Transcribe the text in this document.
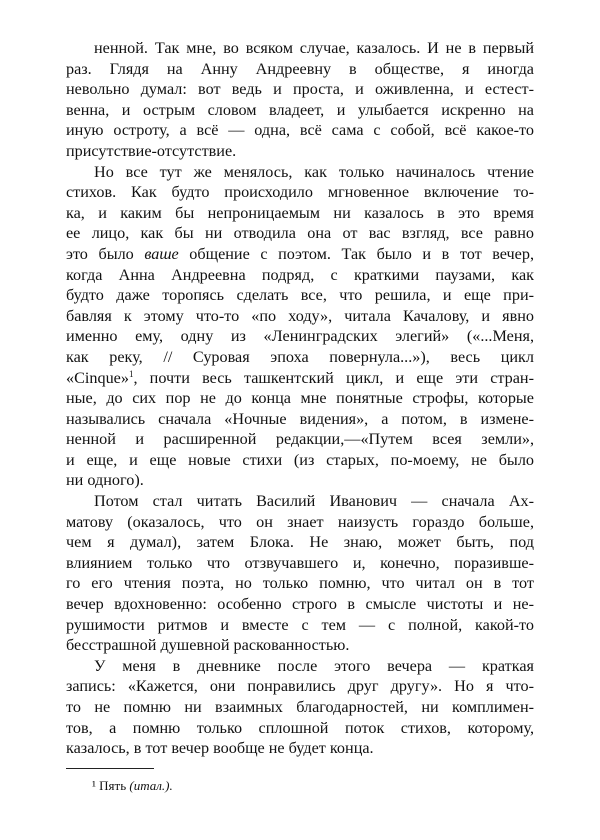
ненной. Так мне, во всяком случае, казалось. И не в первый
раз. Глядя на Анну Андреевну в обществе, я иногда
невольно думал: вот ведь и проста, и оживленна, и естест-
венна, и острым словом владеет, и улыбается искренно на
иную остроту, а всё — одна, всё сама с собой, всё какое-то
присутствие-отсутствие.
Но все тут же менялось, как только начиналось чтение
стихов. Как будто происходило мгновенное включение то-
ка, и каким бы непроницаемым ни казалось в это время
ее лицо, как бы ни отводила она от вас взгляд, все равно
это было ваше общение с поэтом. Так было и в тот вечер,
когда Анна Андреевна подряд, с краткими паузами, как
будто даже торопясь сделать все, что решила, и еще при-
бавляя к этому что-то «по ходу», читала Качалову, и явно
именно ему, одну из «Ленинградских элегий» («...Меня,
как реку, // Суровая эпоха повернула...»), весь цикл
«Cinque»$^1$, почти весь ташкентский цикл, и еще эти стран-
ные, до сих пор не до конца мне понятные строфы, которые
назывались сначала «Ночные видения», а потом, в измене-
ненной и расширенной редакции,—«Путем всея земли»,
и еще, и еще новые стихи (из старых, по-моему, не было
ни одного).
Потом стал читать Василий Иванович — сначала Ах-
матову (оказалось, что он знает наизусть гораздо больше,
чем я думал), затем Блока. Не знаю, может быть, под
влиянием только что отзвучавшего и, конечно, поразивше-
го его чтения поэта, но только помню, что читал он в тот
вечер вдохновенно: особенно строго в смысле чистоты и не-
рушимости ритмов и вместе с тем — с полной, какой-то
бесстрашной душевной раскованностью.
У меня в дневнике после этого вечера — краткая
запись: «Кажется, они понравились друг другу». Но я что-
то не помню ни взаимных благодарностей, ни комплимен-
тов, а помню только сплошной поток стихов, которому,
казалось, в тот вечер вообще не будет конца.
¹ Пять (итал.).
